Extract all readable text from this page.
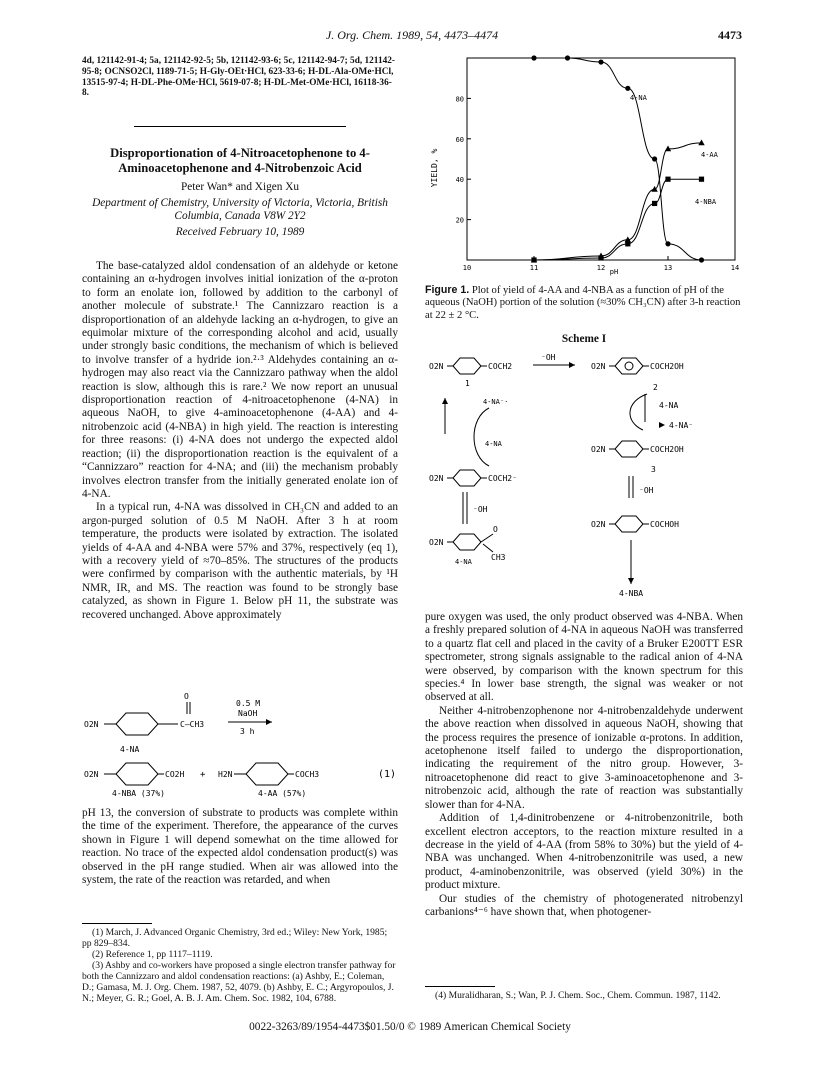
J. Org. Chem. 1989, 54, 4473–4474	4473
4d, 121142-91-4; 5a, 121142-92-5; 5b, 121142-93-6; 5c, 121142-94-7; 5d, 121142-95-8; OCNSO2Cl, 1189-71-5; H-Gly-OEt·HCl, 623-33-6; H-DL-Ala-OMe·HCl, 13515-97-4; H-DL-Phe-OMe·HCl, 5619-07-8; H-DL-Met-OMe·HCl, 16118-36-8.
Disproportionation of 4-Nitroacetophenone to 4-Aminoacetophenone and 4-Nitrobenzoic Acid
Peter Wan* and Xigen Xu
Department of Chemistry, University of Victoria, Victoria, British Columbia, Canada V8W 2Y2
Received February 10, 1989

The base-catalyzed aldol condensation of an aldehyde or ketone containing an α-hydrogen involves initial ionization of the α-proton to form an enolate ion, followed by addition to the carbonyl of another molecule of substrate.¹ The Cannizzaro reaction is a disproportionation of an aldehyde lacking an α-hydrogen, to give an equimolar mixture of the corresponding alcohol and acid, usually under strongly basic conditions, the mechanism of which is believed to involve transfer of a hydride ion.²·³ Aldehydes containing an α-hydrogen may also react via the Cannizzaro pathway when the aldol reaction is slow, although this is rare.² We now report an unusual disproportionation reaction of 4-nitroacetophenone (4-NA) in aqueous NaOH, to give 4-aminoacetophenone (4-AA) and 4-nitrobenzoic acid (4-NBA) in high yield. The reaction is interesting for three reasons: (i) 4-NA does not undergo the expected aldol reaction; (ii) the disproportionation reaction is the equivalent of a “Cannizzaro” reaction for 4-NA; and (iii) the mechanism probably involves electron transfer from the initially generated enolate ion of 4-NA.

In a typical run, 4-NA was dissolved in CH₃CN and added to an argon-purged solution of 0.5 M NaOH. After 3 h at room temperature, the products were isolated by extraction. The isolated yields of 4-AA and 4-NBA were 57% and 37%, respectively (eq 1), with a recovery yield of ≈70–85%. The structures of the products were confirmed by comparison with the authentic materials, by ¹H NMR, IR, and MS. The reaction was found to be strongly base catalyzed, as shown in Figure 1. Below pH 11, the substrate was recovered unchanged. Above approximately

O
O2N	C—CH3
0.5 M
NaOH
3 h
4-NA
O2N	CO2H + H2N	COCH3	(1)
4-NBA (37%)	4-AA (57%)

pH 13, the conversion of substrate to products was complete within the time of the experiment. Therefore, the appearance of the curves shown in Figure 1 will depend somewhat on the time allowed for reaction. No trace of the expected aldol condensation product(s) was observed in the pH range studied. When air was allowed into the system, the rate of the reaction was retarded, and when

(1) March, J. Advanced Organic Chemistry, 3rd ed.; Wiley: New York, 1985; pp 829–834.
(2) Reference 1, pp 1117–1119.
(3) Ashby and co-workers have proposed a single electron transfer pathway for both the Cannizzaro and aldol condensation reactions: (a) Ashby, E.; Coleman, D.; Gamasa, M. J. Org. Chem. 1987, 52, 4079. (b) Ashby, E. C.; Argyropoulos, J. N.; Meyer, G. R.; Goel, A. B. J. Am. Chem. Soc. 1982, 104, 6788.
10	11	12	13	14
20
40
60
80	4-NA
4-AA
4-NBA
YIELD, %
pH
Figure 1. Plot of yield of 4-AA and 4-NBA as a function of pH of the aqueous (NaOH) portion of the solution (≈30% CH₃CN) after 3-h reaction at 22 ± 2 °C.
Scheme I
O2N	COCH2
1
⁻OH
O2N	COCH2OH
2
4-NA
4-NA⁻
O2N	COCH2OH
3
⁻OH
O2N	COCHOH
4-NBA
4-NA⁻·
4-NA
O2N	COCH2⁻
⁻OH
O2N
O
CH3
4-NA

pure oxygen was used, the only product observed was 4-NBA. When a freshly prepared solution of 4-NA in aqueous NaOH was transferred to a quartz flat cell and placed in the cavity of a Bruker E200TT ESR spectrometer, strong signals assignable to the radical anion of 4-NA were observed, by comparison with the known spectrum for this species.⁴ In lower base strength, the signal was weaker or not observed at all.

Neither 4-nitrobenzophenone nor 4-nitrobenzaldehyde underwent the above reaction when dissolved in aqueous NaOH, showing that the process requires the presence of ionizable α-protons. In addition, acetophenone itself failed to undergo the disproportionation, indicating the requirement of the nitro group. However, 3-nitroacetophenone did react to give 3-aminoacetophenone and 3-nitrobenzoic acid, although the rate of reaction was substantially slower than for 4-NA.

Addition of 1,4-dinitrobenzene or 4-nitrobenzonitrile, both excellent electron acceptors, to the reaction mixture resulted in a decrease in the yield of 4-AA (from 58% to 30%) but the yield of 4-NBA was unchanged. When 4-nitrobenzonitrile was used, a new product, 4-aminobenzonitrile, was observed (yield 30%) in the product mixture.

Our studies of the chemistry of photogenerated nitrobenzyl carbanions⁴⁻⁶ have shown that, when photogener-

(4) Muralidharan, S.; Wan, P. J. Chem. Soc., Chem. Commun. 1987, 1142.
0022-3263/89/1954-4473$01.50/0 © 1989 American Chemical Society
